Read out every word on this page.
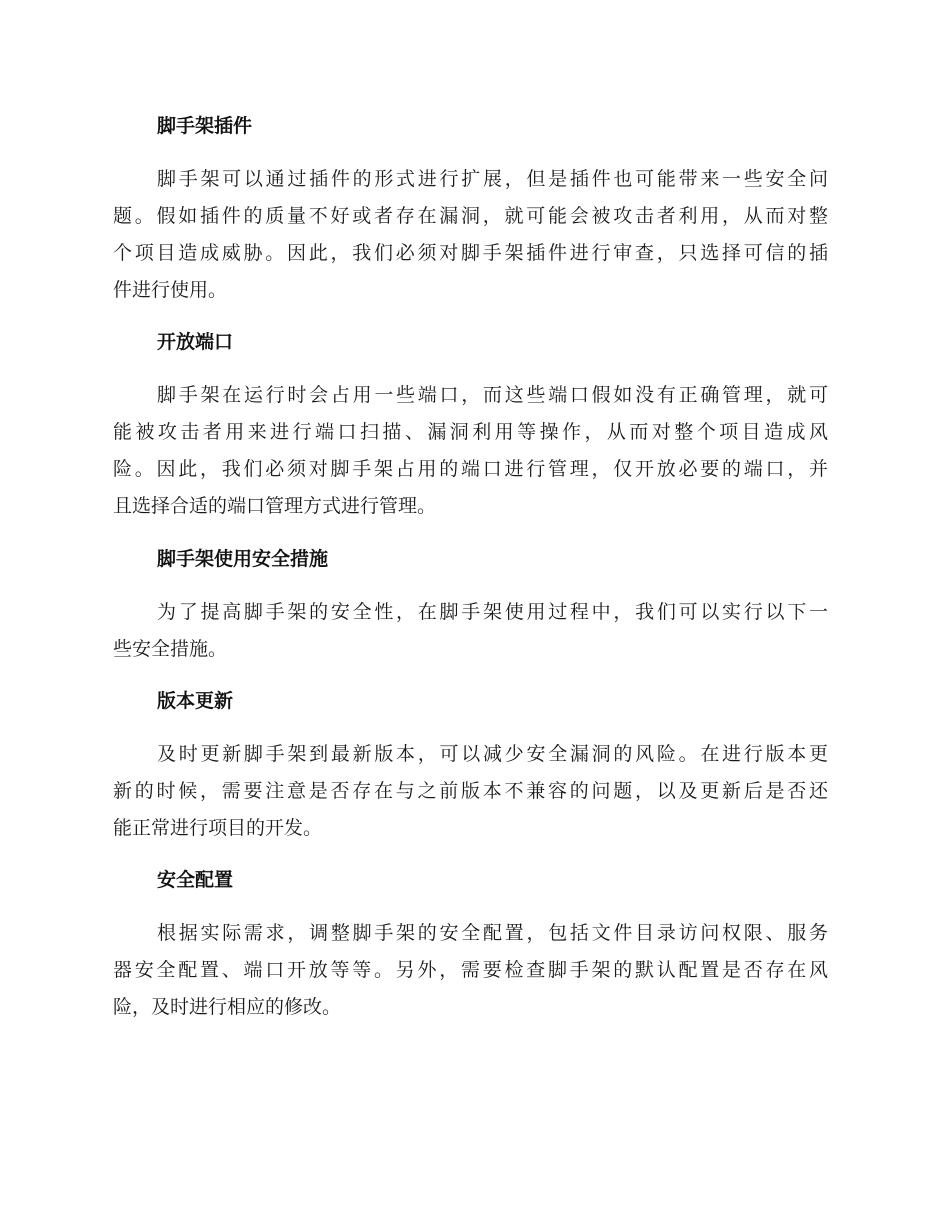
脚手架插件
脚手架可以通过插件的形式进行扩展，但是插件也可能带来一些安全问
题。假如插件的质量不好或者存在漏洞，就可能会被攻击者利用，从而对整
个项目造成威胁。因此，我们必须对脚手架插件进行审查，只选择可信的插
件进行使用。
开放端口
脚手架在运行时会占用一些端口，而这些端口假如没有正确管理，就可
能被攻击者用来进行端口扫描、漏洞利用等操作，从而对整个项目造成风
险。因此，我们必须对脚手架占用的端口进行管理，仅开放必要的端口，并
且选择合适的端口管理方式进行管理。
脚手架使用安全措施
为了提高脚手架的安全性，在脚手架使用过程中，我们可以实行以下一
些安全措施。
版本更新
及时更新脚手架到最新版本，可以减少安全漏洞的风险。在进行版本更
新的时候，需要注意是否存在与之前版本不兼容的问题，以及更新后是否还
能正常进行项目的开发。
安全配置
根据实际需求，调整脚手架的安全配置，包括文件目录访问权限、服务
器安全配置、端口开放等等。另外，需要检查脚手架的默认配置是否存在风
险，及时进行相应的修改。
